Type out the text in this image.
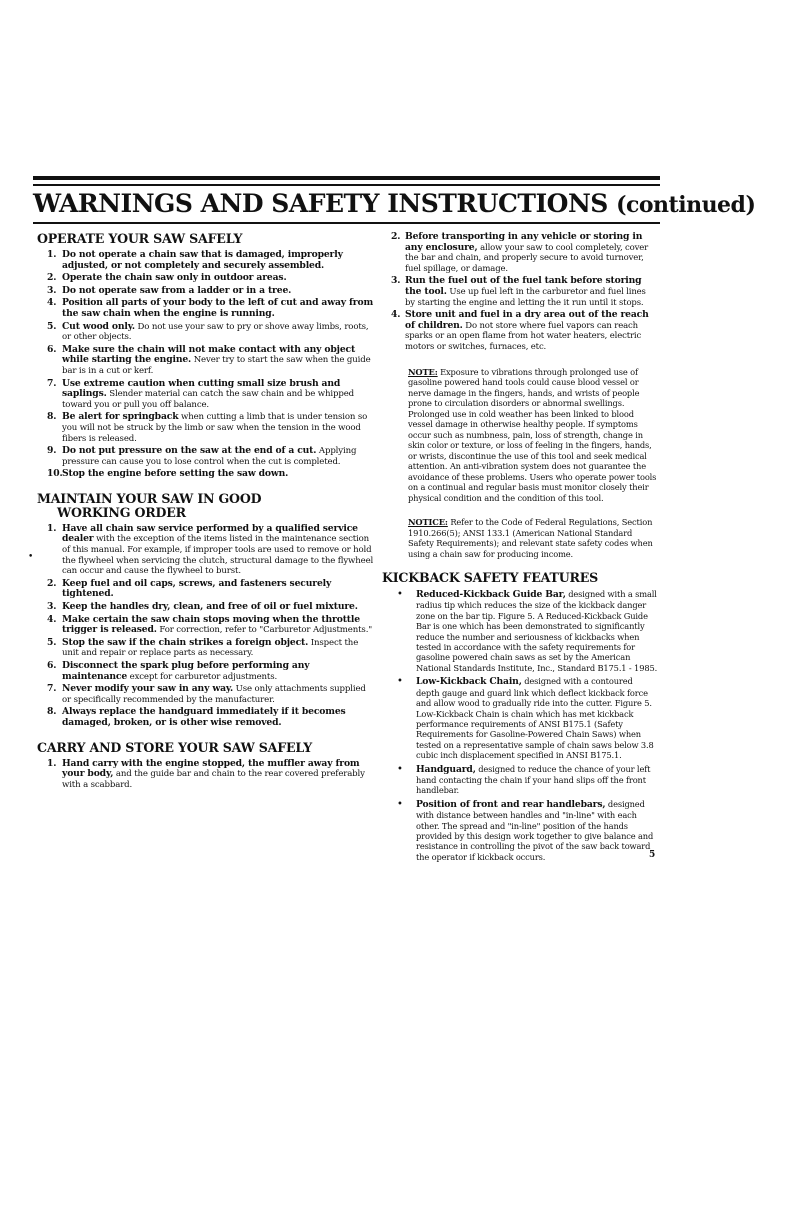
WARNINGS AND SAFETY INSTRUCTIONS (continued)
•
OPERATE YOUR SAW SAFELY
1. Do not operate a chain saw that is damaged, improperly adjusted, or not completely and securely assembled.
2. Operate the chain saw only in outdoor areas.
3. Do not operate saw from a ladder or in a tree.
4. Position all parts of your body to the left of cut and away from the saw chain when the engine is running.
5. Cut wood only. Do not use your saw to pry or shove away limbs, roots, or other objects.
6. Make sure the chain will not make contact with any object while starting the engine. Never try to start the saw when the guide bar is in a cut or kerf.
7. Use extreme caution when cutting small size brush and saplings. Slender material can catch the saw chain and be whipped toward you or pull you off balance.
8. Be alert for springback when cutting a limb that is under tension so you will not be struck by the limb or saw when the tension in the wood fibers is released.
9. Do not put pressure on the saw at the end of a cut. Applying pressure can cause you to lose control when the cut is completed.
10. Stop the engine before setting the saw down.
MAINTAIN YOUR SAW IN GOOD
WORKING ORDER
1. Have all chain saw service performed by a qualified service dealer with the exception of the items listed in the maintenance section of this manual. For example, if improper tools are used to remove or hold the flywheel when servicing the clutch, structural damage to the flywheel can occur and cause the flywheel to burst.
2. Keep fuel and oil caps, screws, and fasteners securely tightened.
3. Keep the handles dry, clean, and free of oil or fuel mixture.
4. Make certain the saw chain stops moving when the throttle trigger is released. For correction, refer to "Carburetor Adjustments."
5. Stop the saw if the chain strikes a foreign object. Inspect the unit and repair or replace parts as necessary.
6. Disconnect the spark plug before performing any maintenance except for carburetor adjustments.
7. Never modify your saw in any way. Use only attachments supplied or specifically recommended by the manufacturer.
8. Always replace the handguard immediately if it becomes damaged, broken, or is other wise removed.
CARRY AND STORE YOUR SAW SAFELY
1. Hand carry with the engine stopped, the muffler away from your body, and the guide bar and chain to the rear covered preferably with a scabbard.
2. Before transporting in any vehicle or storing in any enclosure, allow your saw to cool completely, cover the bar and chain, and properly secure to avoid turnover, fuel spillage, or damage.
3. Run the fuel out of the fuel tank before storing the tool. Use up fuel left in the carburetor and fuel lines by starting the engine and letting the it run until it stops.
4. Store unit and fuel in a dry area out of the reach of children. Do not store where fuel vapors can reach sparks or an open flame from hot water heaters, electric motors or switches, furnaces, etc.
NOTE: Exposure to vibrations through prolonged use of gasoline powered hand tools could cause blood vessel or nerve damage in the fingers, hands, and wrists of people prone to circulation disorders or abnormal swellings. Prolonged use in cold weather has been linked to blood vessel damage in otherwise healthy people. If symptoms occur such as numbness, pain, loss of strength, change in skin color or texture, or loss of feeling in the fingers, hands, or wrists, discontinue the use of this tool and seek medical attention. An anti-vibration system does not guarantee the avoidance of these problems. Users who operate power tools on a continual and regular basis must monitor closely their physical condition and the condition of this tool.
NOTICE: Refer to the Code of Federal Regulations, Section 1910.266(5); ANSI 133.1 (American National Standard Safety Requirements); and relevant state safety codes when using a chain saw for producing income.
KICKBACK SAFETY FEATURES
• Reduced-Kickback Guide Bar, designed with a small radius tip which reduces the size of the kickback danger zone on the bar tip. Figure 5. A Reduced-Kickback Guide Bar is one which has been demonstrated to significantly reduce the number and seriousness of kickbacks when tested in accordance with the safety requirements for gasoline powered chain saws as set by the American National Standards Institute, Inc., Standard B175.1 - 1985.
• Low-Kickback Chain, designed with a contoured depth gauge and guard link which deflect kickback force and allow wood to gradually ride into the cutter. Figure 5. Low-Kickback Chain is chain which has met kickback performance requirements of ANSI B175.1 (Safety Requirements for Gasoline-Powered Chain Saws) when tested on a representative sample of chain saws below 3.8 cubic inch displacement specified in ANSI B175.1.
• Handguard, designed to reduce the chance of your left hand contacting the chain if your hand slips off the front handlebar.
• Position of front and rear handlebars, designed with distance between handles and "in-line" with each other. The spread and "in-line" position of the hands provided by this design work together to give balance and resistance in controlling the pivot of the saw back toward the operator if kickback occurs.	5
